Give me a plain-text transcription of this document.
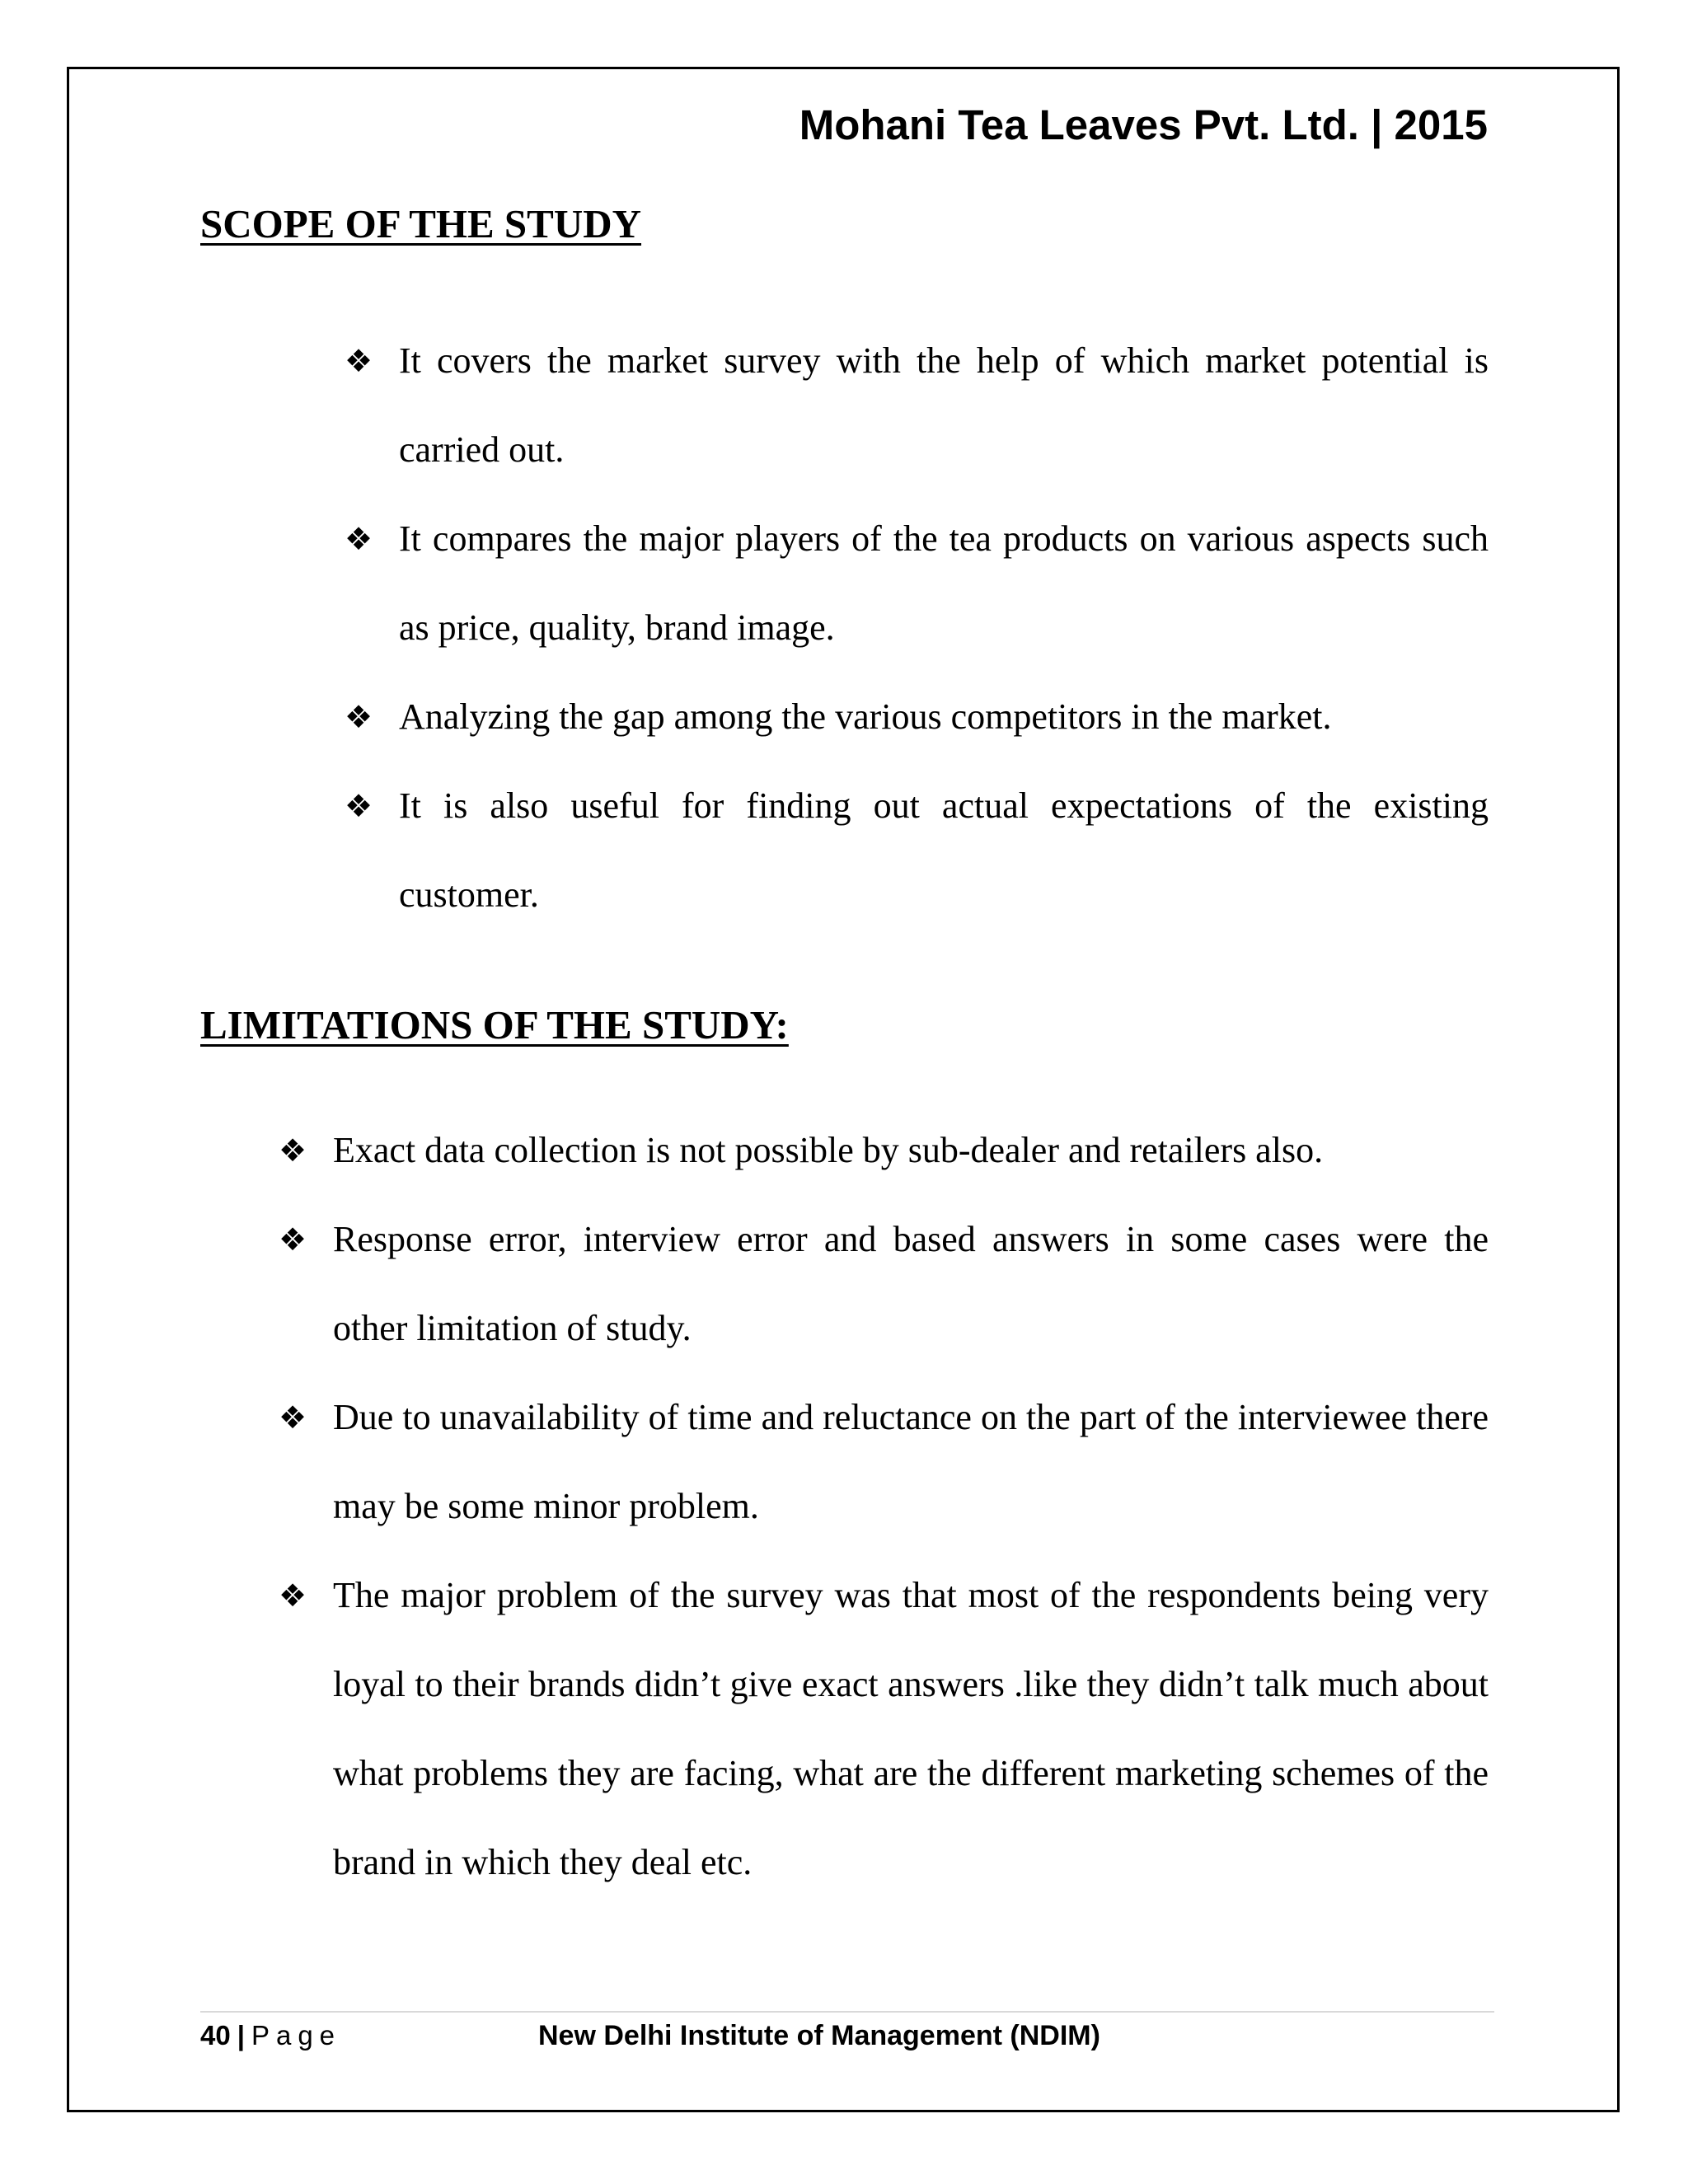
Mohani Tea Leaves Pvt. Ltd. | 2015
SCOPE OF THE STUDY
❖ It covers the market survey with the help of which market potential is carried out.
❖ It compares the major players of the tea products on various aspects such as price, quality, brand image.
❖ Analyzing the gap among the various competitors in the market.
❖ It is also useful for finding out actual expectations of the existing customer.
LIMITATIONS OF THE STUDY:
❖ Exact data collection is not possible by sub-dealer and retailers also.
❖ Response error, interview error and based answers in some cases were the other limitation of study.
❖ Due to unavailability of time and reluctance on the part of the interviewee there may be some minor problem.
❖ The major problem of the survey was that most of the respondents being very loyal to their brands didn’t give exact answers .like they didn’t talk much about what problems they are facing, what are the different marketing schemes of the brand in which they deal etc.
40 | Page	New Delhi Institute of Management (NDIM)
